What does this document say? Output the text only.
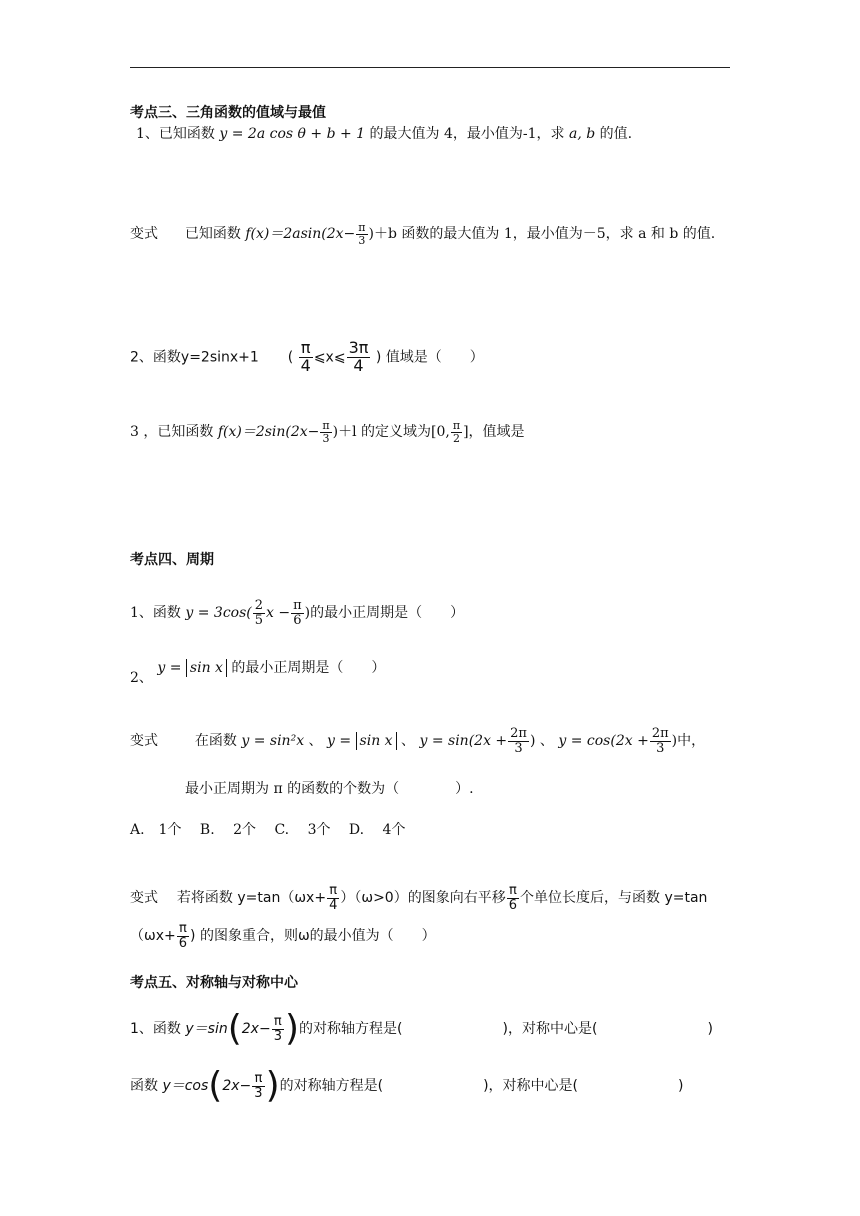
考点三、三角函数的值域与最值
1、已知函数 y = 2a cos θ + b + 1 的最大值为 4，最小值为-1，求 a, b 的值.
变式 已知函数 $f(x)=2asin(2x- \frac{\pi}{3} )+b$ 函数的最大值为 1，最小值为－5，求 a 和 b 的值.
2、函数y=2sinx+1 ( $\frac{\pi}{4}$ ⩽x⩽ $\frac{3\pi}{4}$ ) 值域是（　　）
3 ，已知函数 $f(x)=2\sin(2x- \frac{\pi}{3} )+l$ 的定义域为[0, $\frac{\pi}{2}$ ]，值域是
考点四、周期
1、函数 $y = 3\cos( \frac{2}{5}$ $x - \frac{\pi}{6}$ )的最小正周期是（　　）
2、 y = sin x 的最小正周期是（　　）
变式	在函数 y = sin²x 、 y = sin x 、 $y = \sin(2x + \frac{2\pi}{3}$ ) 、 $y = \cos(2x + \frac{2\pi}{3}$ )中，
最小正周期为 π 的函数的个数为（　　　　）.
A.　1个　 B.　 2个　 C.　 3个　 D.　 4个
变式 若将函数 $y=\tan(\omega x+ \frac{\pi}{4} )(\omega>0)$的图象向右平移 $\frac{\pi}{6}$ 个单位长度后，与函数 y=tan
（$\omega x+ \frac{\pi}{6}$ ) 的图象重合，则ω的最小值为（　　）
考点五、对称轴与对称中心
1、函数 $y=\sin(2x- \frac{\pi}{3}$ )的对称轴方程是(	)，对称中心是(	)
函数 $y=\cos(2x- \frac{\pi}{3}$ )的对称轴方程是(	)，对称中心是(	)
